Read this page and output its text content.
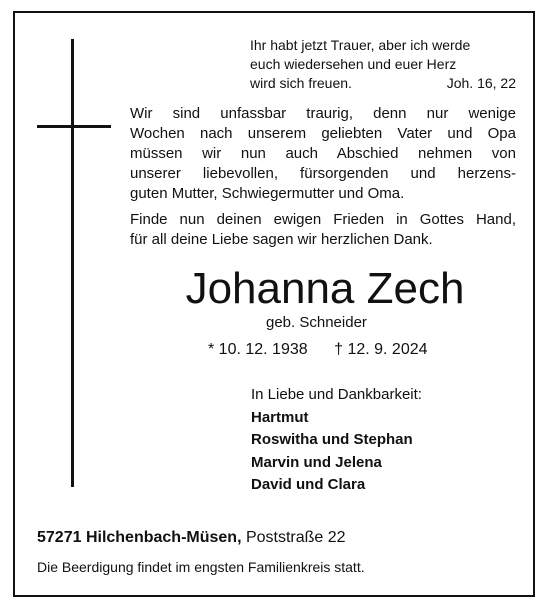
Ihr habt jetzt Trauer, aber ich werde
euch wiedersehen und euer Herz
wird sich freuen.	Joh. 16, 22
Wir sind unfassbar traurig, denn nur wenige
Wochen nach unserem geliebten Vater und Opa
müssen wir nun auch Abschied nehmen von
unserer liebevollen, fürsorgenden und herzens-
guten Mutter, Schwiegermutter und Oma.
Finde nun deinen ewigen Frieden in Gottes Hand,
für all deine Liebe sagen wir herzlichen Dank.
Johanna Zech
geb. Schneider
* 10. 12. 1938 † 12. 9. 2024
In Liebe und Dankbarkeit:
Hartmut
Roswitha und Stephan
Marvin und Jelena
David und Clara
57271 Hilchenbach-Müsen, Poststraße 22
Die Beerdigung findet im engsten Familienkreis statt.
